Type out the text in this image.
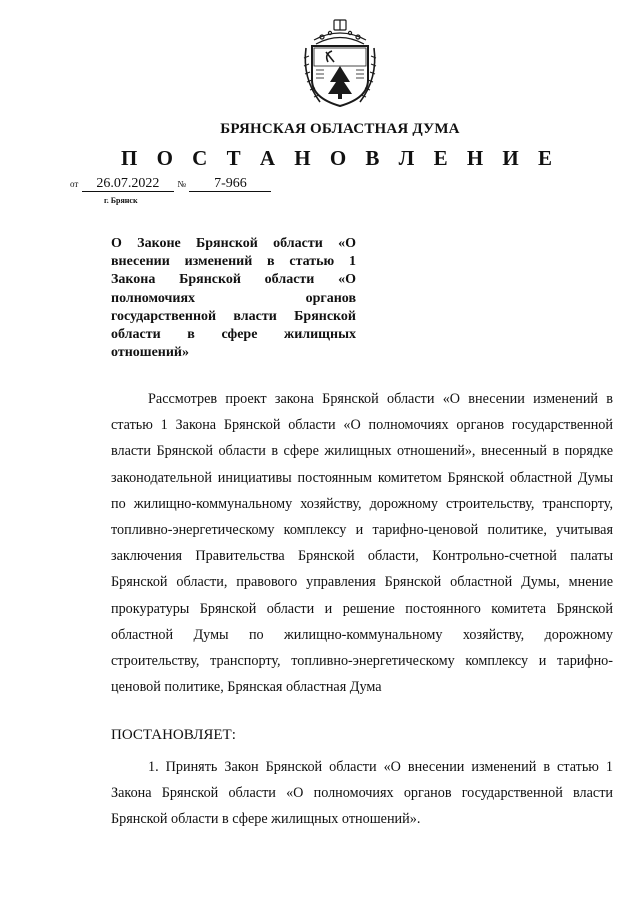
БРЯНСКАЯ ОБЛАСТНАЯ ДУМА
П О С Т А Н О В Л Е Н И Е
от 26.07.2022 № 7-966
г. Брянск
О Законе Брянской области «О внесении изменений в статью 1 Закона Брянской области «О полномочиях органов государственной власти Брянской области в сфере жилищных отношений»

Рассмотрев проект закона Брянской области «О внесении изменений в статью 1 Закона Брянской области «О полномочиях органов государственной власти Брянской области в сфере жилищных отношений», внесенный в порядке законодательной инициативы постоянным комитетом Брянской областной Думы по жилищно-коммунальному хозяйству, дорожному строительству, транспорту, топливно-энергетическому комплексу и тарифно-ценовой политике, учитывая заключения Правительства Брянской области, Контрольно-счетной палаты Брянской области, правового управления Брянской областной Думы, мнение прокуратуры Брянской области и решение постоянного комитета Брянской областной Думы по жилищно-коммунальному хозяйству, дорожному строительству, транспорту, топливно-энергетическому комплексу и тарифно-ценовой политике, Брянская областная Дума

ПОСТАНОВЛЯЕТ:

1. Принять Закон Брянской области «О внесении изменений в статью 1 Закона Брянской области «О полномочиях органов государственной власти Брянской области в сфере жилищных отношений».
